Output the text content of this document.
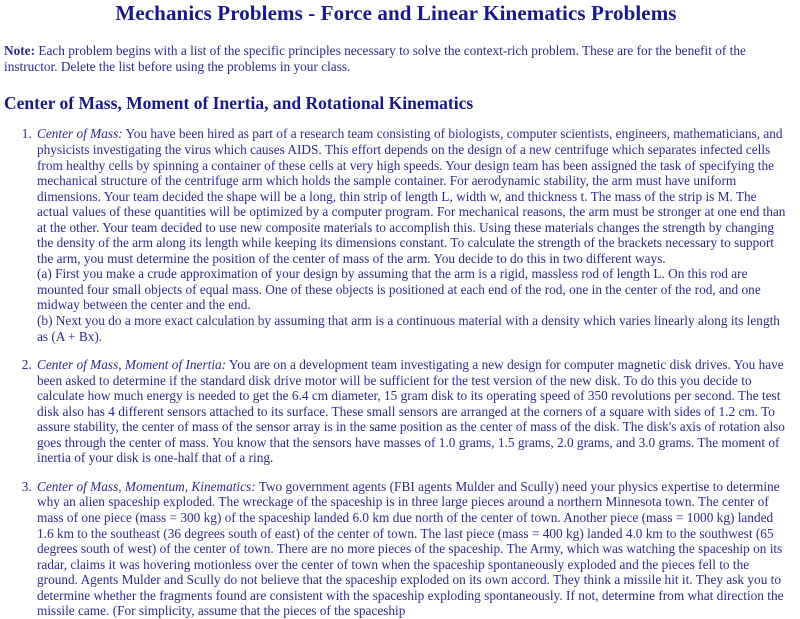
Mechanics Problems - Force and Linear Kinematics Problems

Note: Each problem begins with a list of the specific principles necessary to solve the context-rich problem. These are for the benefit of the instructor. Delete the list before using the problems in your class.

Center of Mass, Moment of Inertia, and Rotational Kinematics
1. Center of Mass: You have been hired as part of a research team consisting of biologists, computer scientists, engineers, mathematicians, and physicists investigating the virus which causes AIDS. This effort depends on the design of a new centrifuge which separates infected cells from healthy cells by spinning a container of these cells at very high speeds. Your design team has been assigned the task of specifying the mechanical structure of the centrifuge arm which holds the sample container. For aerodynamic stability, the arm must have uniform dimensions. Your team decided the shape will be a long, thin strip of length L, width w, and thickness t. The mass of the strip is M. The actual values of these quantities will be optimized by a computer program. For mechanical reasons, the arm must be stronger at one end than at the other. Your team decided to use new composite materials to accomplish this. Using these materials changes the strength by changing the density of the arm along its length while keeping its dimensions constant. To calculate the strength of the brackets necessary to support the arm, you must determine the position of the center of mass of the arm. You decide to do this in two different ways.
(a) First you make a crude approximation of your design by assuming that the arm is a rigid, massless rod of length L. On this rod are mounted four small objects of equal mass. One of these objects is positioned at each end of the rod, one in the center of the rod, and one midway between the center and the end.
(b) Next you do a more exact calculation by assuming that arm is a continuous material with a density which varies linearly along its length as (A + Bx).
2. Center of Mass, Moment of Inertia: You are on a development team investigating a new design for computer magnetic disk drives. You have been asked to determine if the standard disk drive motor will be sufficient for the test version of the new disk. To do this you decide to calculate how much energy is needed to get the 6.4 cm diameter, 15 gram disk to its operating speed of 350 revolutions per second. The test disk also has 4 different sensors attached to its surface. These small sensors are arranged at the corners of a square with sides of 1.2 cm. To assure stability, the center of mass of the sensor array is in the same position as the center of mass of the disk. The disk's axis of rotation also goes through the center of mass. You know that the sensors have masses of 1.0 grams, 1.5 grams, 2.0 grams, and 3.0 grams. The moment of inertia of your disk is one-half that of a ring.
3. Center of Mass, Momentum, Kinematics: Two government agents (FBI agents Mulder and Scully) need your physics expertise to determine why an alien spaceship exploded. The wreckage of the spaceship is in three large pieces around a northern Minnesota town. The center of mass of one piece (mass = 300 kg) of the spaceship landed 6.0 km due north of the center of town. Another piece (mass = 1000 kg) landed 1.6 km to the southeast (36 degrees south of east) of the center of town. The last piece (mass = 400 kg) landed 4.0 km to the southwest (65 degrees south of west) of the center of town. There are no more pieces of the spaceship. The Army, which was watching the spaceship on its radar, claims it was hovering motionless over the center of town when the spaceship spontaneously exploded and the pieces fell to the ground. Agents Mulder and Scully do not believe that the spaceship exploded on its own accord. They think a missile hit it. They ask you to determine whether the fragments found are consistent with the spaceship exploding spontaneously. If not, determine from what direction the missile came. (For simplicity, assume that the pieces of the spaceship
